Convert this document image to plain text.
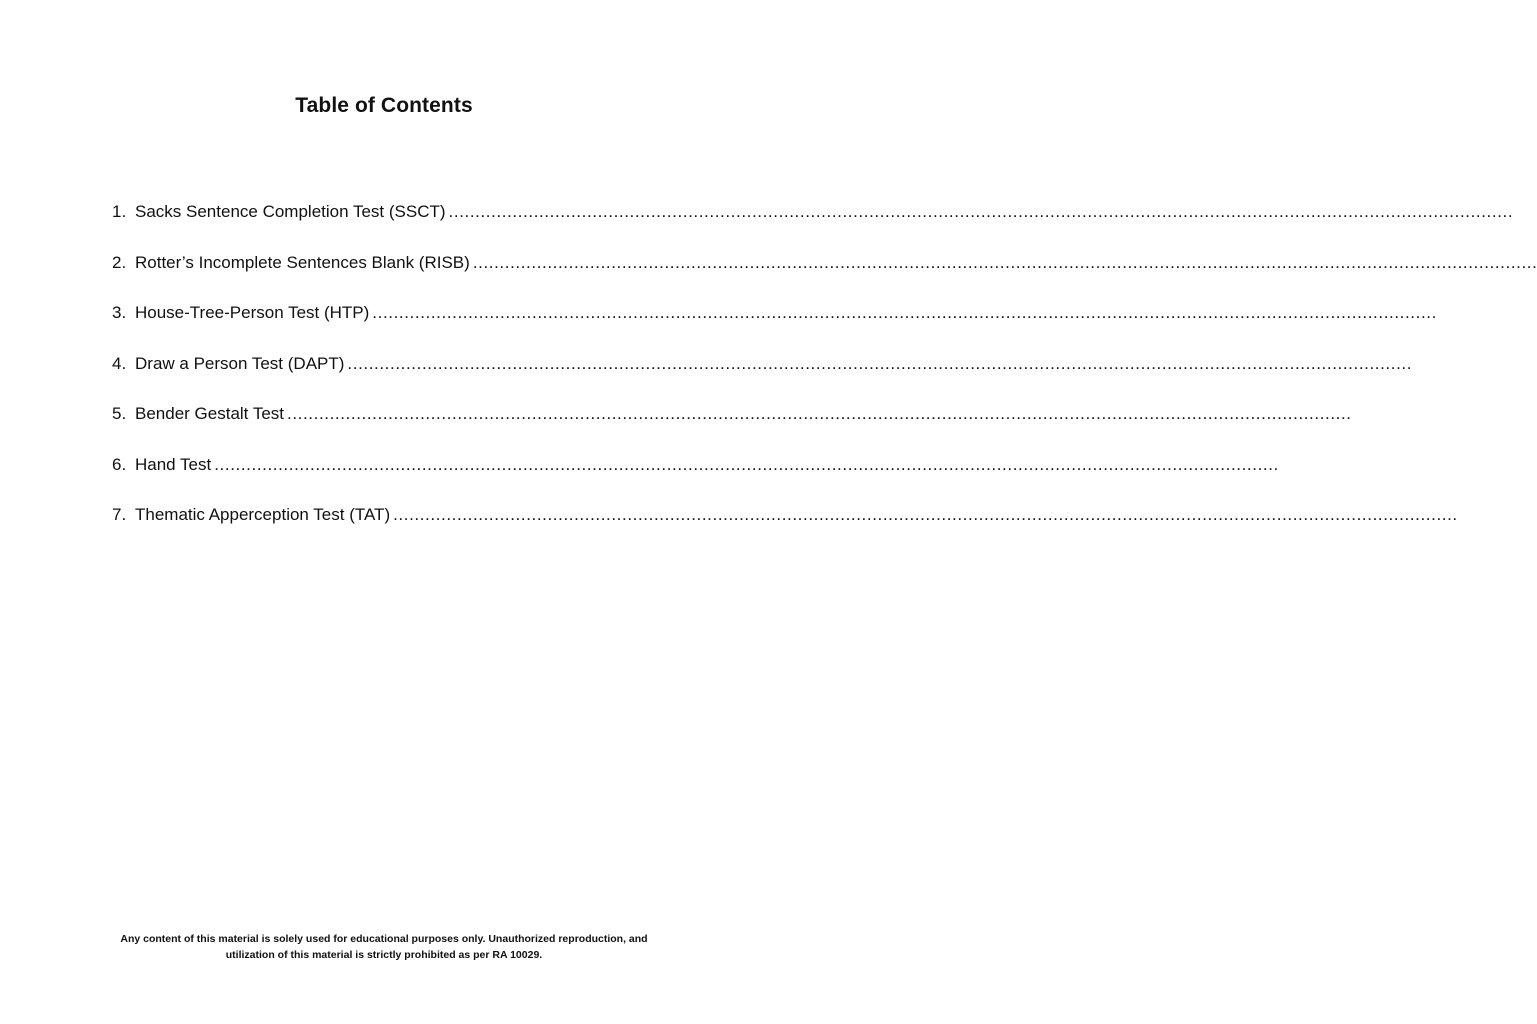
Table of Contents
1. Sacks Sentence Completion Test (SSCT) ........................................................................................................................................................................................................
2. Rotter’s Incomplete Sentences Blank (RISB) ........................................................................................................................................................................................................
3. House-Tree-Person Test (HTP) ........................................................................................................................................................................................................
4. Draw a Person Test (DAPT) ........................................................................................................................................................................................................
5. Bender Gestalt Test ........................................................................................................................................................................................................
6. Hand Test ........................................................................................................................................................................................................
7. Thematic Apperception Test (TAT) ........................................................................................................................................................................................................
Any content of this material is solely used for educational purposes only. Unauthorized reproduction, and
utilization of this material is strictly prohibited as per RA 10029.
